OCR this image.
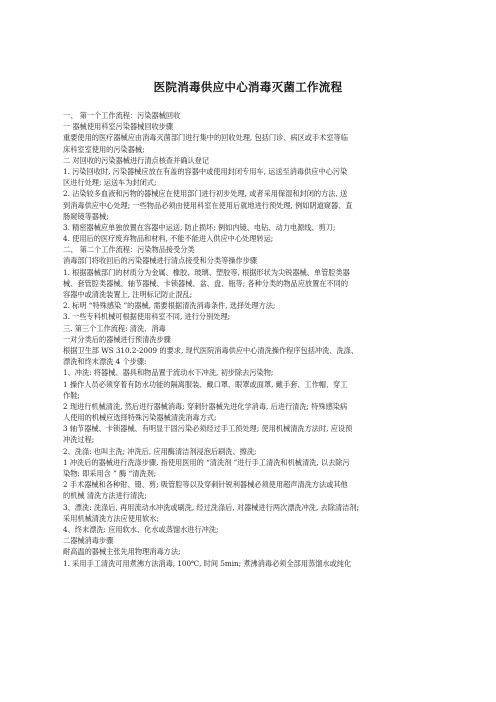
医院消毒供应中心消毒灭菌工作流程
一、 第一个工作流程：污染器械回收
一 器械使用科室污染器械回收步骤
重要使用的医疗器械应由消毒灭菌部门进行集中的回收处理, 包括门诊、病区或手术室等临
床科室室使用的污染器械;
二 对回收的污染器械进行清点核查并确认登记
1. 污染回收时, 污染器械应放在有盖的容器中或使用封闭专用车, 运送至消毒供应中心污染
区进行处理; 运送车为封闭式;
2. 沾染较多血液和污物的器械应在使用部门进行初步处理, 或者采用保湿和封闭的方法, 送
到消毒供应中心处理; 一些物品必须由使用科室在使用后就地进行预处理, 例如阴道窥器、直
肠窥镜等器械;
3. 精密器械应单独放置在容器中运送, 防止损坏; 例如内镜、电钻、动力电源线、剪刀;
4. 使用后的医疗废弃物品和材料, 不能不能进入供应中心处理转运;
二、 第二个工作流程：污染物品接受分类
消毒部门将收回后的污染器械进行清点接受和分类等操作步骤
1. 根据器械部门的材质分为金属、橡胶、玻璃、塑胶等, 根据形状为尖锐器械、单管腔类器
械、套管腔类器械、轴节器械、卡锁器械、盆、盘、瓶等; 各种分类的物品应放置在不同的
容器中或清洗装置上, 注明标记防止混乱;
2. 标明 “特殊感染 ”的器械, 需要根据清洗消毒条件, 选择处理方法;
3. 一些专科机械可根据使用科室不同, 进行分别处理;
三. 第三个工作流程: 清洗、消毒
一对分类后的器械进行预清洗步骤
根据卫生部 WS 310.2-2009 的要求, 现代医院消毒供应中心清洗操作程序包括冲洗、洗涤、
漂洗和终末漂洗 4 个步骤:
1、冲洗: 将器械、器具和物品置于流动水下冲洗, 初步除去污染物;
1 操作人员必须穿着有防水功能的隔离服装、戴口罩、眼罩或面罩, 戴手套、工作帽、穿工
作鞋;
2 现进行机械清洗, 然后进行器械消毒; 穿刺针器械先进化学消毒, 后进行清洗; 特殊感染病
人使用的机械应选择特殊污染器械清洗消毒方式;
3 轴节器械、卡锁器械、有明显干固污染必须经过手工预处理; 使用机械清洗方法时, 应设预
冲洗过程;
2、洗涤: 也叫主洗; 冲洗后, 应用酶清洁剂浸泡后刷洗、擦洗;
1 冲洗后的器械进行洗涤步骤, 指使用医用的 “清洗剂 ”进行手工清洗和机械清洗, 以去除污
染物; 即采用含 ” 酶 “清洗剂;
2 手术器械和各种钳、镊、剪; 吸管腔等以及穿刺针锐利器械必须使用超声清洗方法或其他
的机械 清洗方法进行清洗;
3、漂洗: 洗涤后, 再用流动水冲洗或刷洗, 经过洗涤后, 对器械进行两次漂洗冲洗, 去除清洁剂;
采用机械清洗方法应使用软水;
4、终末漂洗: 应用软水、化水或蒸馏水进行冲洗;
二器械消毒步骤
耐高温的器械主张先用物理消毒方法;
1. 采用手工清洗可用煮沸方法消毒, 100℃, 时间 5min; 煮沸消毒必须全部用蒸馏水或纯化
